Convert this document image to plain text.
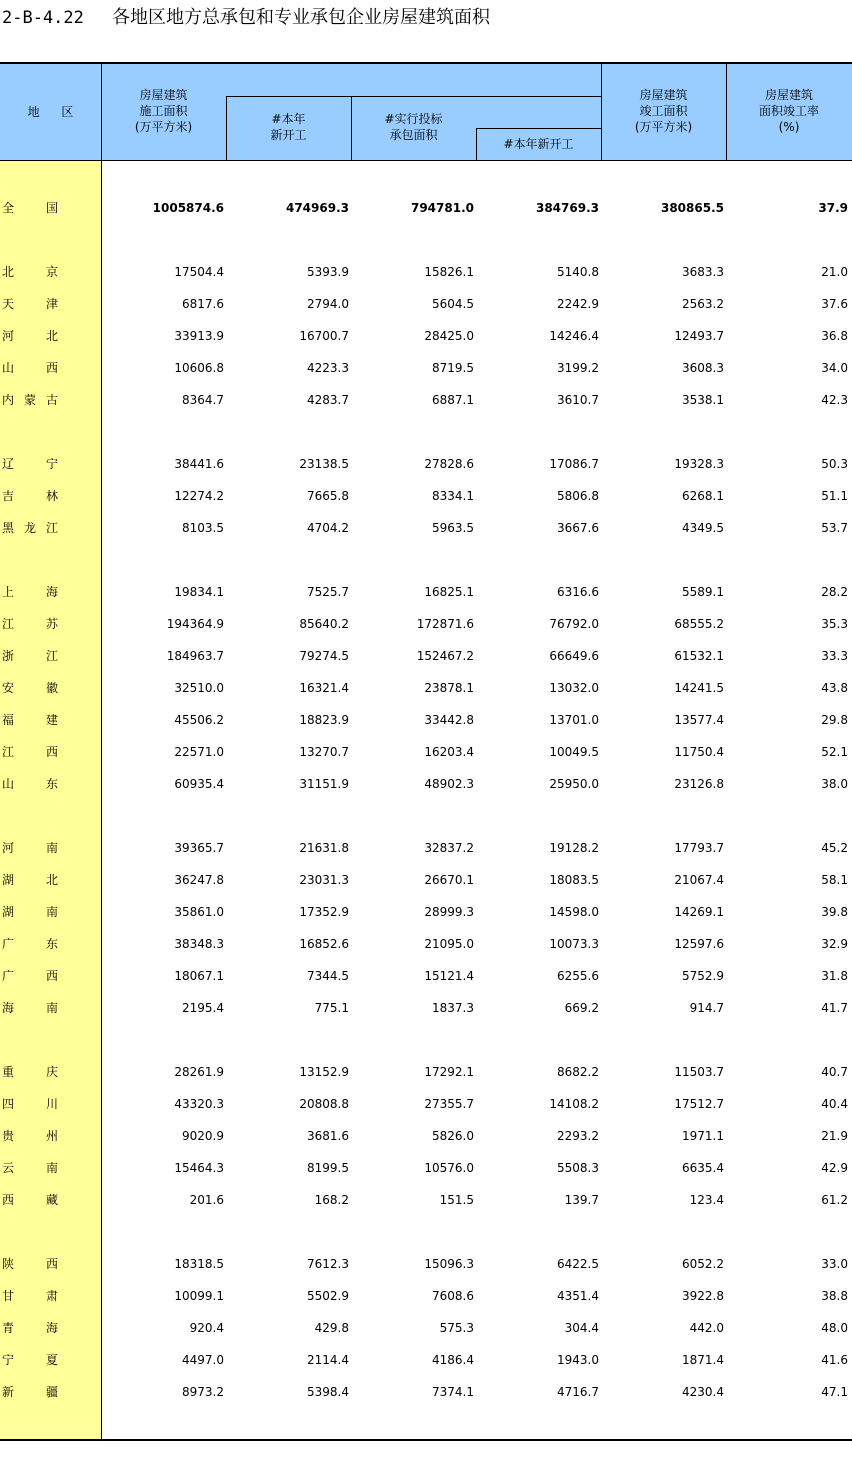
2-B-4.22 各地区地方总承包和专业承包企业房屋建筑面积
地 区
房屋建筑
施工面积
(万平方米)
#本年
新开工
#实行投标
承包面积
#本年新开工
房屋建筑
竣工面积
(万平方米)
房屋建筑
面积竣工率
(%)
全 国	1005874.6	474969.3	794781.0	384769.3	380865.5	37.9
北 京	17504.4	5393.9	15826.1	5140.8	3683.3	21.0
天 津	6817.6	2794.0	5604.5	2242.9	2563.2	37.6
河 北	33913.9	16700.7	28425.0	14246.4	12493.7	36.8
山 西	10606.8	4223.3	8719.5	3199.2	3608.3	34.0
内 蒙 古	8364.7	4283.7	6887.1	3610.7	3538.1	42.3
辽 宁	38441.6	23138.5	27828.6	17086.7	19328.3	50.3
吉 林	12274.2	7665.8	8334.1	5806.8	6268.1	51.1
黑 龙 江	8103.5	4704.2	5963.5	3667.6	4349.5	53.7
上 海	19834.1	7525.7	16825.1	6316.6	5589.1	28.2
江 苏	194364.9	85640.2	172871.6	76792.0	68555.2	35.3
浙 江	184963.7	79274.5	152467.2	66649.6	61532.1	33.3
安 徽	32510.0	16321.4	23878.1	13032.0	14241.5	43.8
福 建	45506.2	18823.9	33442.8	13701.0	13577.4	29.8
江 西	22571.0	13270.7	16203.4	10049.5	11750.4	52.1
山 东	60935.4	31151.9	48902.3	25950.0	23126.8	38.0
河 南	39365.7	21631.8	32837.2	19128.2	17793.7	45.2
湖 北	36247.8	23031.3	26670.1	18083.5	21067.4	58.1
湖 南	35861.0	17352.9	28999.3	14598.0	14269.1	39.8
广 东	38348.3	16852.6	21095.0	10073.3	12597.6	32.9
广 西	18067.1	7344.5	15121.4	6255.6	5752.9	31.8
海 南	2195.4	775.1	1837.3	669.2	914.7	41.7
重 庆	28261.9	13152.9	17292.1	8682.2	11503.7	40.7
四 川	43320.3	20808.8	27355.7	14108.2	17512.7	40.4
贵 州	9020.9	3681.6	5826.0	2293.2	1971.1	21.9
云 南	15464.3	8199.5	10576.0	5508.3	6635.4	42.9
西 藏	201.6	168.2	151.5	139.7	123.4	61.2
陕 西	18318.5	7612.3	15096.3	6422.5	6052.2	33.0
甘 肃	10099.1	5502.9	7608.6	4351.4	3922.8	38.8
青 海	920.4	429.8	575.3	304.4	442.0	48.0
宁 夏	4497.0	2114.4	4186.4	1943.0	1871.4	41.6
新 疆	8973.2	5398.4	7374.1	4716.7	4230.4	47.1
